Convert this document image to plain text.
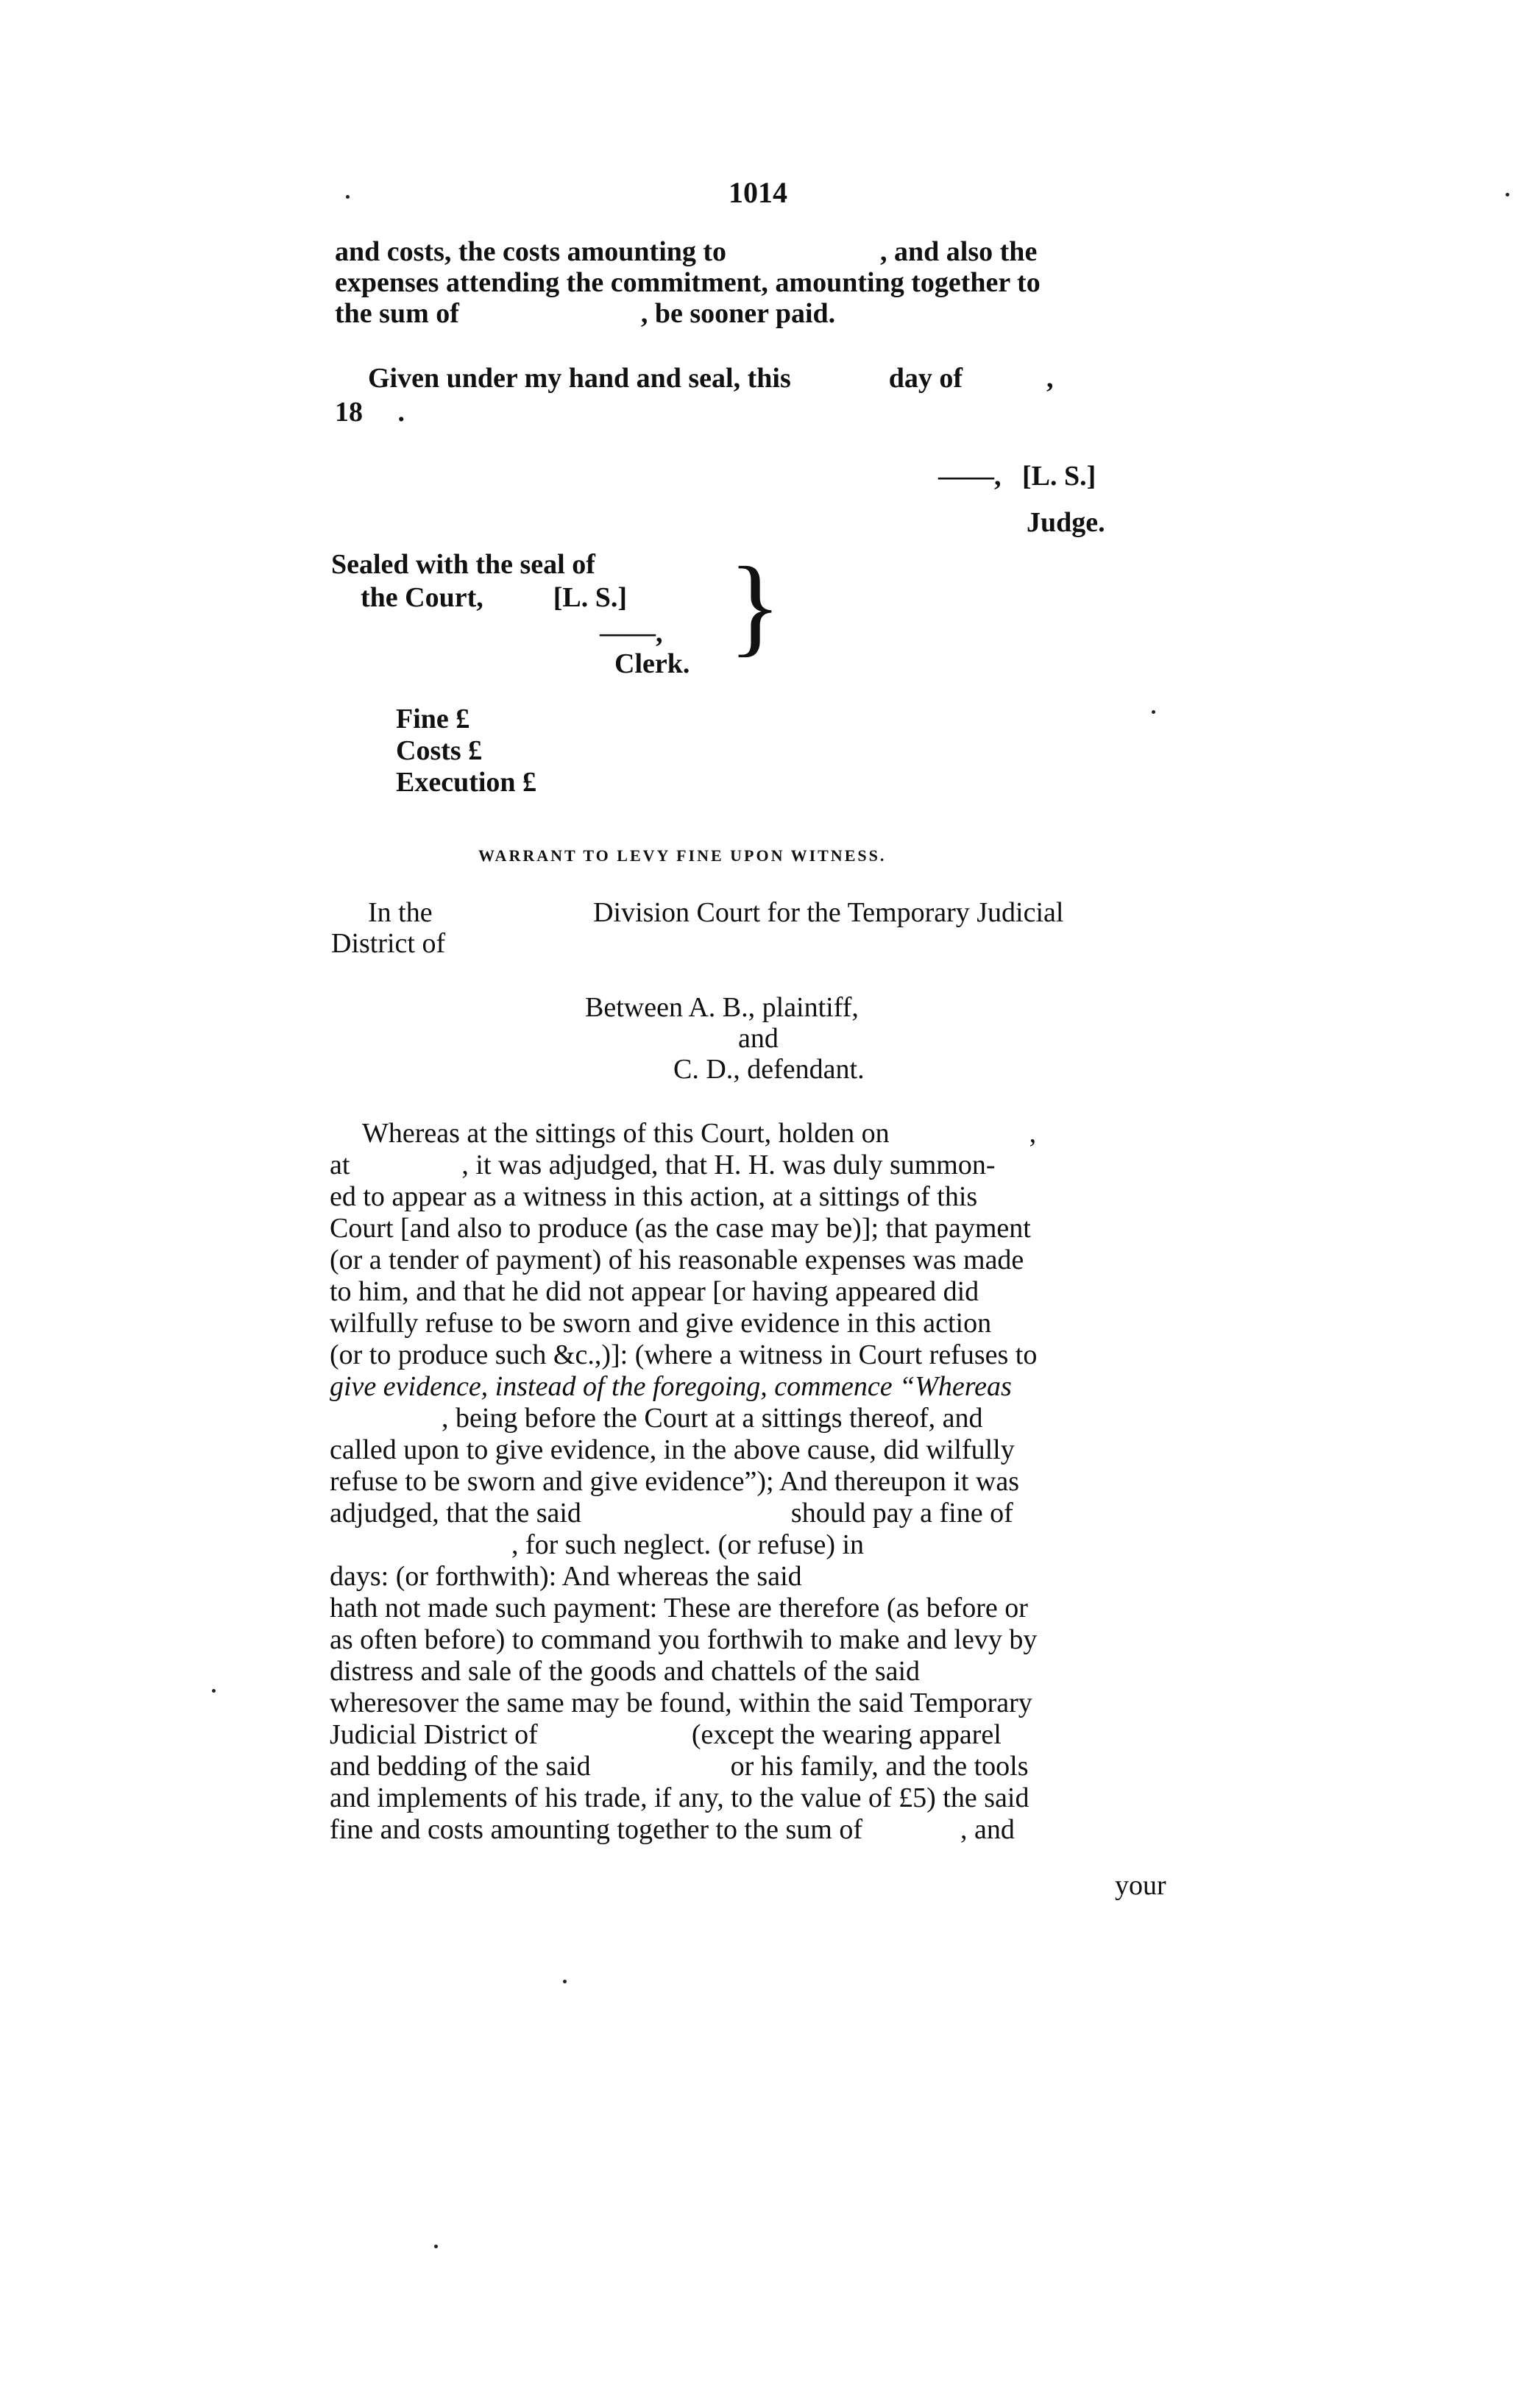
1014
and costs, the costs amounting to                      , and also the
expenses attending the commitment, amounting together to
the sum of                          , be sooner paid.
Given under my hand and seal, this              day of            ,
18     .
——,   [L. S.]
Judge.
Sealed with the seal of
the Court,          [L. S.]
——,
Clerk. }
Fine £
Costs £
Execution £
WARRANT TO LEVY FINE UPON WITNESS.
In the                       Division Court for the Temporary Judicial
District of
Between A. B., plaintiff,
and
C. D., defendant.
Whereas at the sittings of this Court, holden on                    ,
at                , it was adjudged, that H. H. was duly summon-
ed to appear as a witness in this action, at a sittings of this
Court [and also to produce (as the case may be)]; that payment
(or a tender of payment) of his reasonable expenses was made
to him, and that he did not appear [or having appeared did
wilfully refuse to be sworn and give evidence in this action
(or to produce such &c.,)]: (where a witness in Court refuses to
give evidence, instead of the foregoing, commence “Whereas
, being before the Court at a sittings thereof, and
called upon to give evidence, in the above cause, did wilfully
refuse to be sworn and give evidence”); And thereupon it was
adjudged, that the said                              should pay a fine of
, for such neglect. (or refuse) in
days: (or forthwith): And whereas the said
hath not made such payment: These are therefore (as before or
as often before) to command you forthwih to make and levy by
distress and sale of the goods and chattels of the said
wheresover the same may be found, within the said Temporary
Judicial District of                      (except the wearing apparel
and bedding of the said                    or his family, and the tools
and implements of his trade, if any, to the value of £5) the said
fine and costs amounting together to the sum of              , and
your
